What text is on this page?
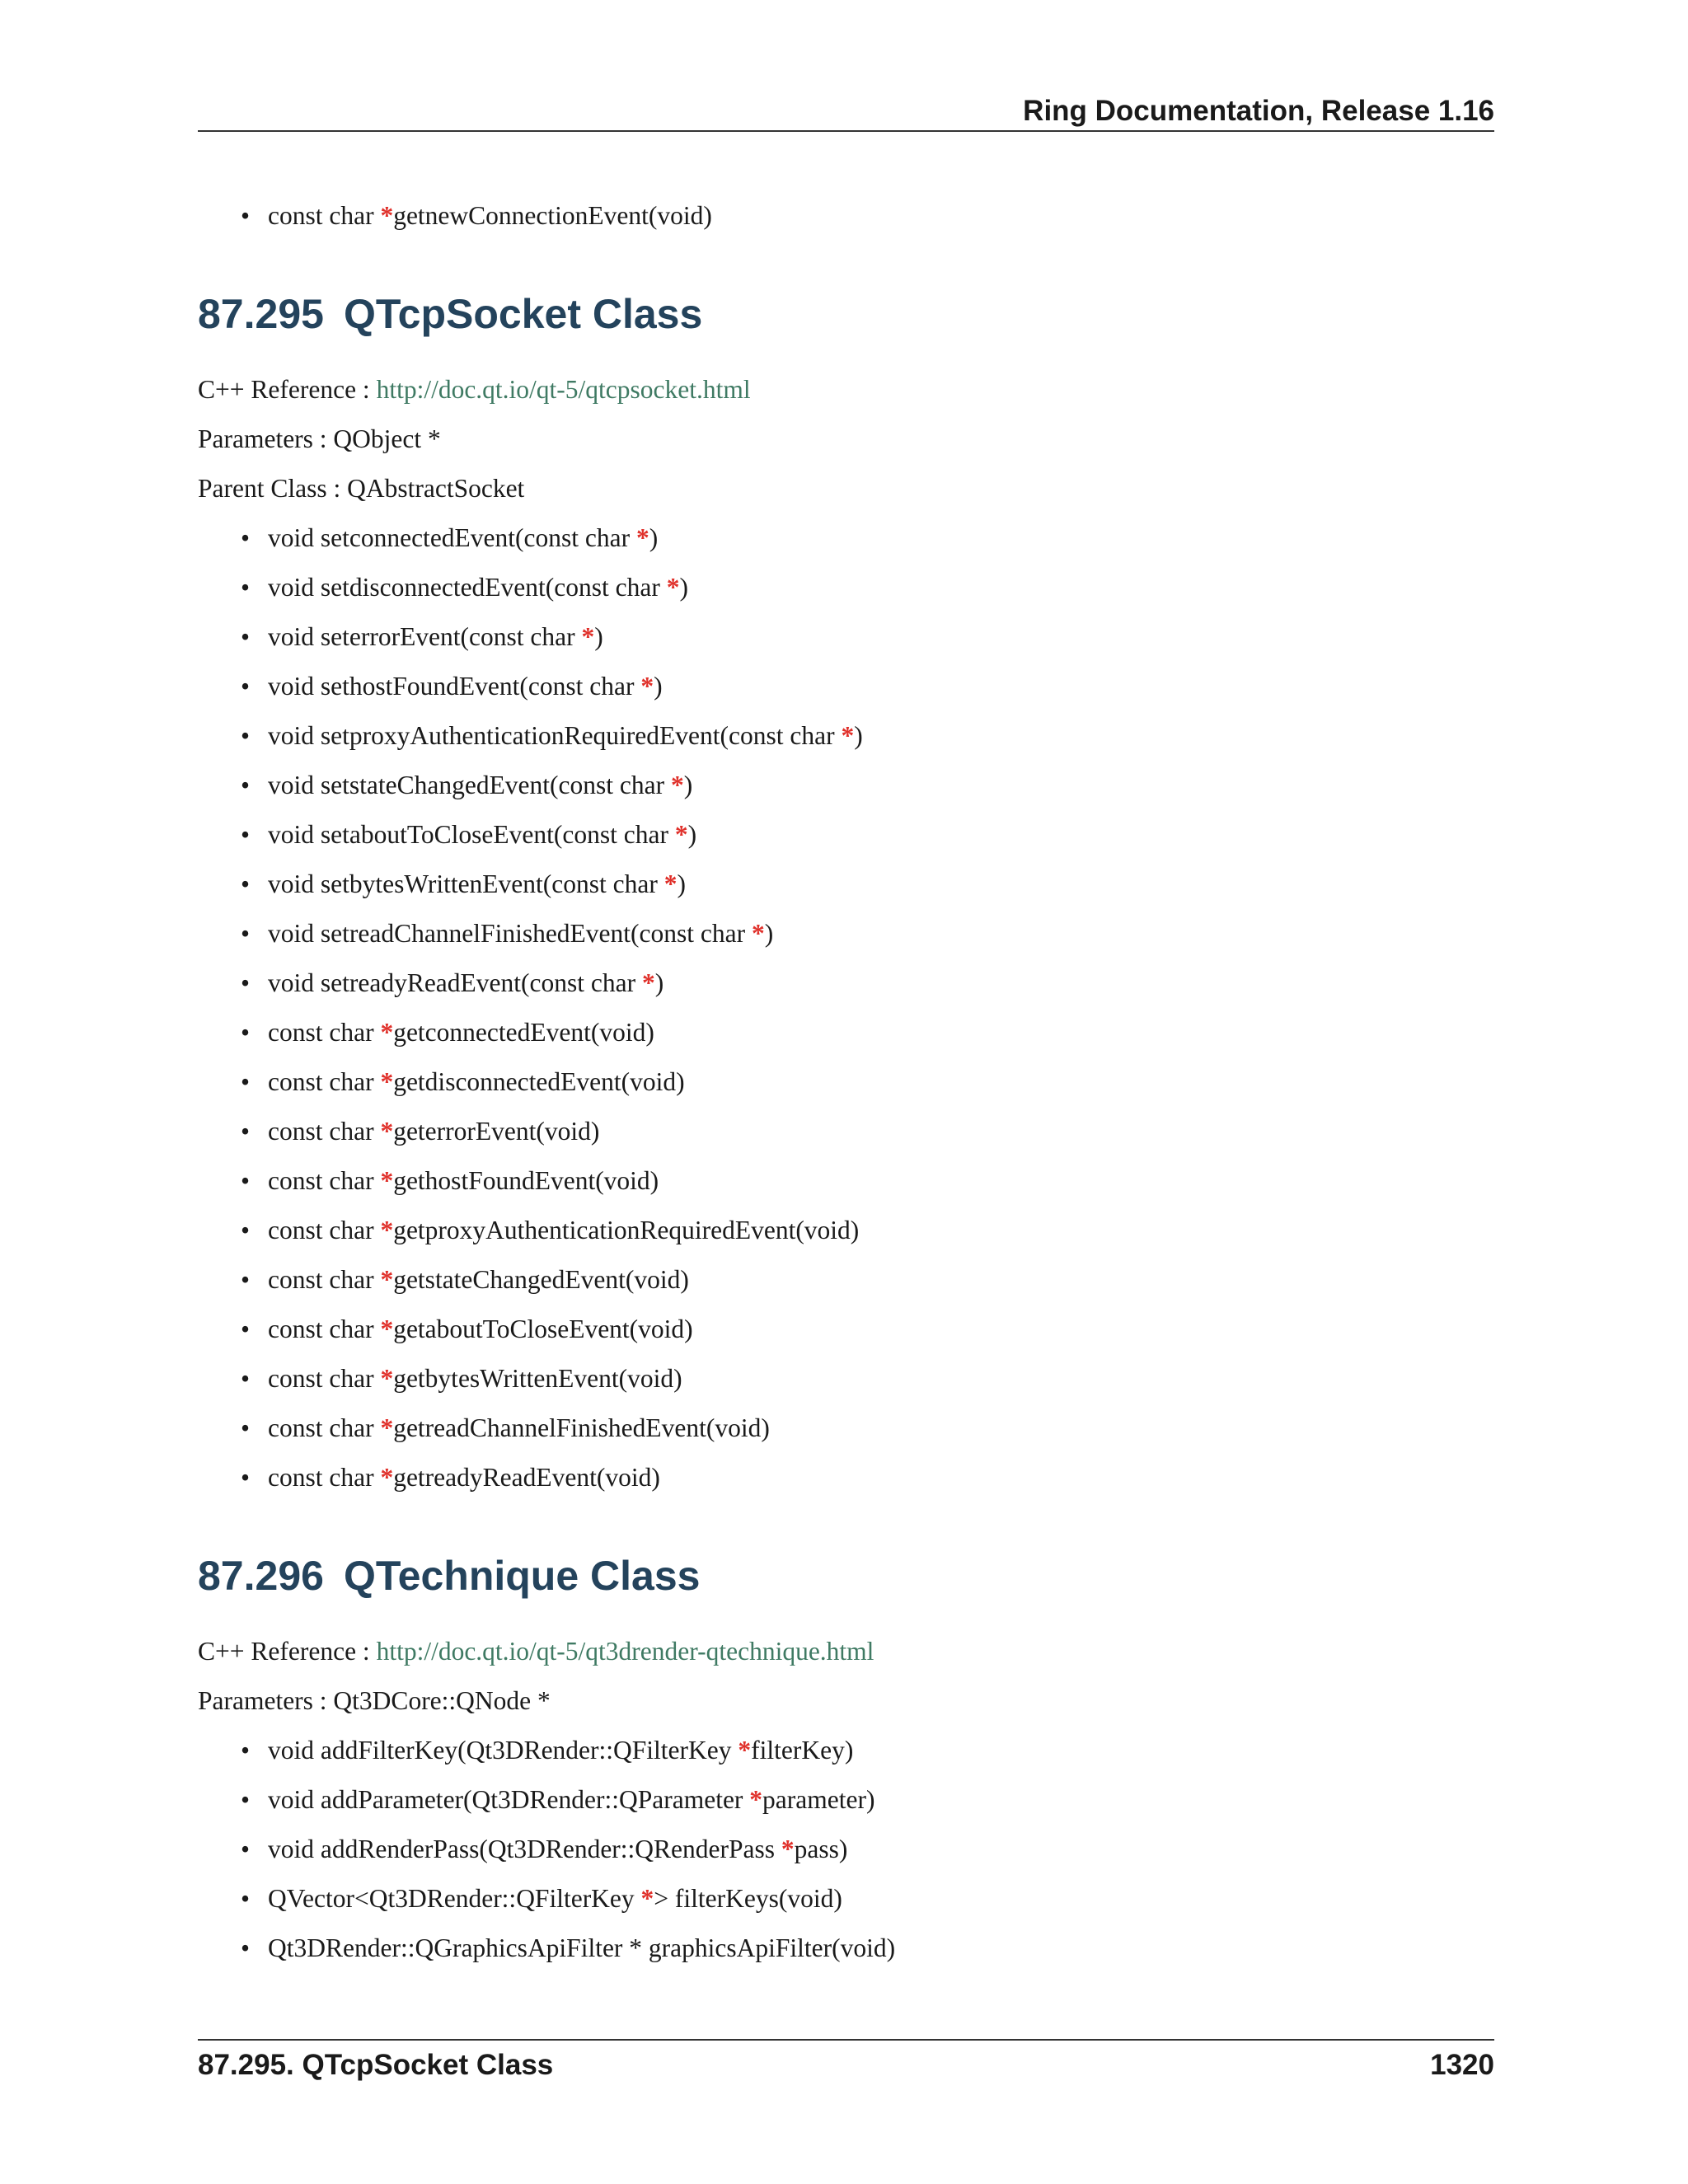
Ring Documentation, Release 1.16
• const char *getnewConnectionEvent(void)
87.295 QTcpSocket Class

C++ Reference : http://doc.qt.io/qt-5/qtcpsocket.html

Parameters : QObject *

Parent Class : QAbstractSocket

• void setconnectedEvent(const char *)
• void setdisconnectedEvent(const char *)
• void seterrorEvent(const char *)
• void sethostFoundEvent(const char *)
• void setproxyAuthenticationRequiredEvent(const char *)
• void setstateChangedEvent(const char *)
• void setaboutToCloseEvent(const char *)
• void setbytesWrittenEvent(const char *)
• void setreadChannelFinishedEvent(const char *)
• void setreadyReadEvent(const char *)
• const char *getconnectedEvent(void)
• const char *getdisconnectedEvent(void)
• const char *geterrorEvent(void)
• const char *gethostFoundEvent(void)
• const char *getproxyAuthenticationRequiredEvent(void)
• const char *getstateChangedEvent(void)
• const char *getaboutToCloseEvent(void)
• const char *getbytesWrittenEvent(void)
• const char *getreadChannelFinishedEvent(void)
• const char *getreadyReadEvent(void)
87.296 QTechnique Class

C++ Reference : http://doc.qt.io/qt-5/qt3drender-qtechnique.html

Parameters : Qt3DCore::QNode *

• void addFilterKey(Qt3DRender::QFilterKey *filterKey)
• void addParameter(Qt3DRender::QParameter *parameter)
• void addRenderPass(Qt3DRender::QRenderPass *pass)
• QVector<Qt3DRender::QFilterKey *> filterKeys(void)
• Qt3DRender::QGraphicsApiFilter * graphicsApiFilter(void)
87.295. QTcpSocket Class	1320
